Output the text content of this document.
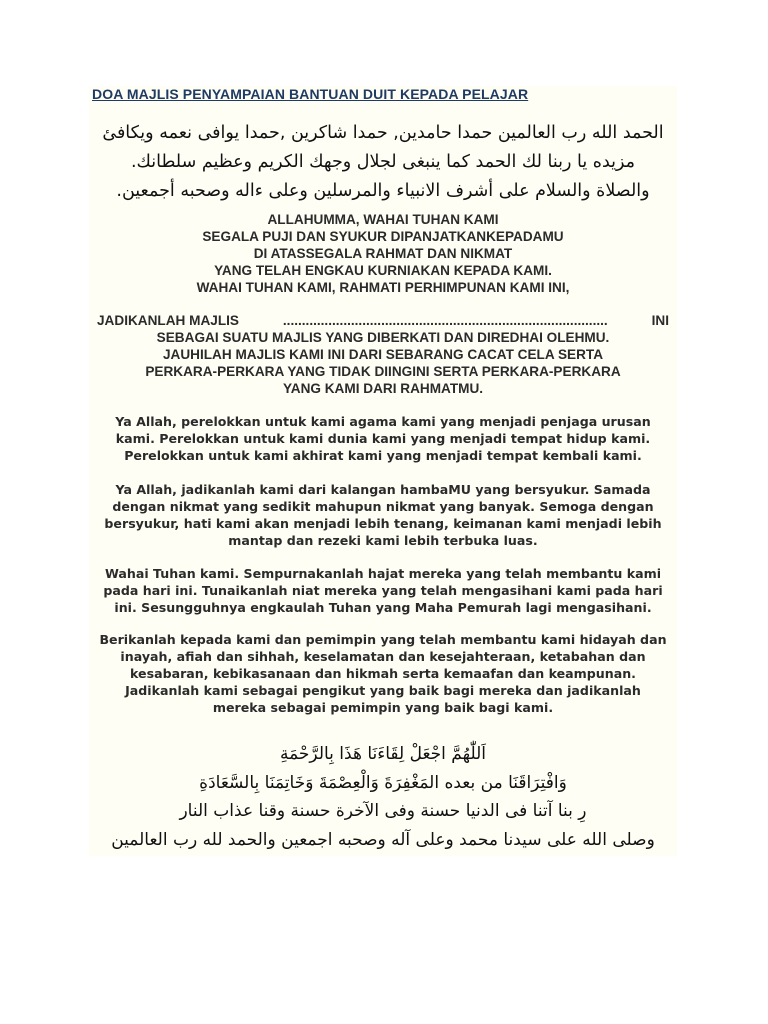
DOA MAJLIS PENYAMPAIAN BANTUAN DUIT KEPADA PELAJAR
الحمد الله رب العالمين حمدا حامدين, حمدا شاكرين ,حمدا يوافى نعمه ويكافئ
مزيده يا ربنا لك الحمد كما ينبغى لجلال وجهك الكريم وعظيم سلطانك.
والصلاة والسلام على أشرف الانبياء والمرسلين وعلى ءاله وصحبه أجمعين.
ALLAHUMMA, WAHAI TUHAN KAMI
SEGALA PUJI DAN SYUKUR DIPANJATKANKEPADAMU
DI ATASSEGALA RAHMAT DAN NIKMAT
YANG TELAH ENGKAU KURNIAKAN KEPADA KAMI.
WAHAI TUHAN KAMI, RAHMATI PERHIMPUNAN KAMI INI,
JADIKANLAH MAJLIS	......................................................................................	INI
SEBAGAI SUATU MAJLIS YANG DIBERKATI DAN DIREDHAI OLEHMU.
JAUHILAH MAJLIS KAMI INI DARI SEBARANG CACAT CELA SERTA
PERKARA-PERKARA YANG TIDAK DIINGINI SERTA PERKARA-PERKARA
YANG KAMI DARI RAHMATMU.
Ya Allah, perelokkan untuk kami agama kami yang menjadi penjaga urusan
kami. Perelokkan untuk kami dunia kami yang menjadi tempat hidup kami.
Perelokkan untuk kami akhirat kami yang menjadi tempat kembali kami.
Ya Allah, jadikanlah kami dari kalangan hambaMU yang bersyukur. Samada
dengan nikmat yang sedikit mahupun nikmat yang banyak. Semoga dengan
bersyukur, hati kami akan menjadi lebih tenang, keimanan kami menjadi lebih
mantap dan rezeki kami lebih terbuka luas.
Wahai Tuhan kami. Sempurnakanlah hajat mereka yang telah membantu kami
pada hari ini. Tunaikanlah niat mereka yang telah mengasihani kami pada hari
ini. Sesungguhnya engkaulah Tuhan yang Maha Pemurah lagi mengasihani.
Berikanlah kepada kami dan pemimpin yang telah membantu kami hidayah dan
inayah, afiah dan sihhah, keselamatan dan kesejahteraan, ketabahan dan
kesabaran, kebikasanaan dan hikmah serta kemaafan dan keampunan.
Jadikanlah kami sebagai pengikut yang baik bagi mereka dan jadikanlah
mereka sebagai pemimpin yang baik bagi kami.
اَللّٰهُمَّ اجْعَلْ لِقَاءَنَا هَذَا بِالرَّحْمَةِ
وَافْتِرَاقَنَا من بعده المَغْفِرَةَ وَالْعِصْمَةَ وَخَاتِمَنَا بِالسَّعَادَةِ
رِ بنا آتنا فى الدنيا حسنة وفى الآخرة حسنة وقنا عذاب النار
وصلى الله على سيدنا محمد وعلى آله وصحبه اجمعين والحمد لله رب العالمين
